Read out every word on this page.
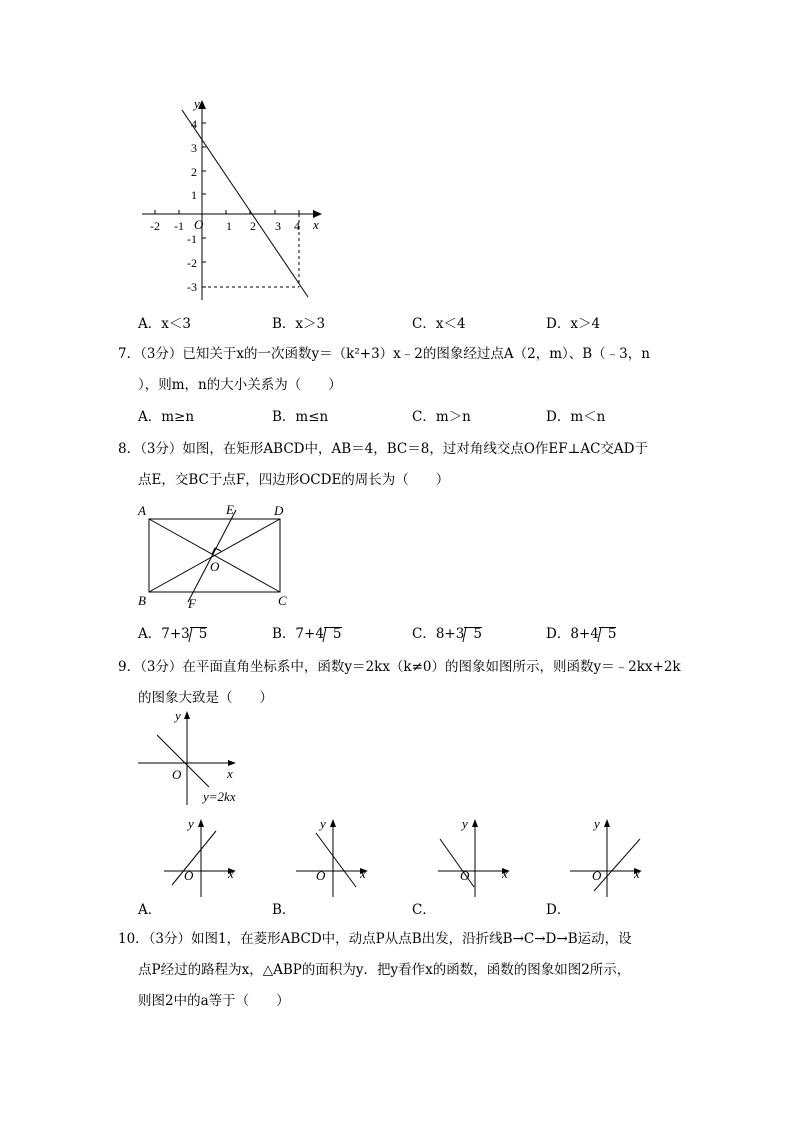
y
x
O
-2 -1	1 2 3 4
4
3
2
1
-1
-2
-3
A．x＜3	B．x＞3	C．x＜4	D．x＞4
7．（3分）已知关于x的一次函数y＝（k²+3）x﹣2的图象经过点A（2，m）、B（﹣3，n
），则m，n的大小关系为（　　）
A．m≥n	B．m≤n	C．m＞n	D．m＜n
8．（3分）如图，在矩形ABCD中，AB＝4，BC＝8，过对角线交点O作EF⊥AC交AD于
点E，交BC于点F，四边形OCDE的周长为（　　）
A	E	D
O
B	F	C
A．7+3 5	B．7+4 5	C．8+3 5	D．8+4 5
9．（3分）在平面直角坐标系中，函数y＝2kx（k≠0）的图象如图所示，则函数y＝﹣2kx+2k
的图象大致是（　　）
y
x
O
y=2kx
y
x
O
y
x
O
y
x
O
y
x
O
A．	B．	C．	D．
10．（3分）如图1，在菱形ABCD中，动点P从点B出发，沿折线B→C→D→B运动，设
点P经过的路程为x，△ABP的面积为y．把y看作x的函数，函数的图象如图2所示，
则图2中的a等于（　　）
